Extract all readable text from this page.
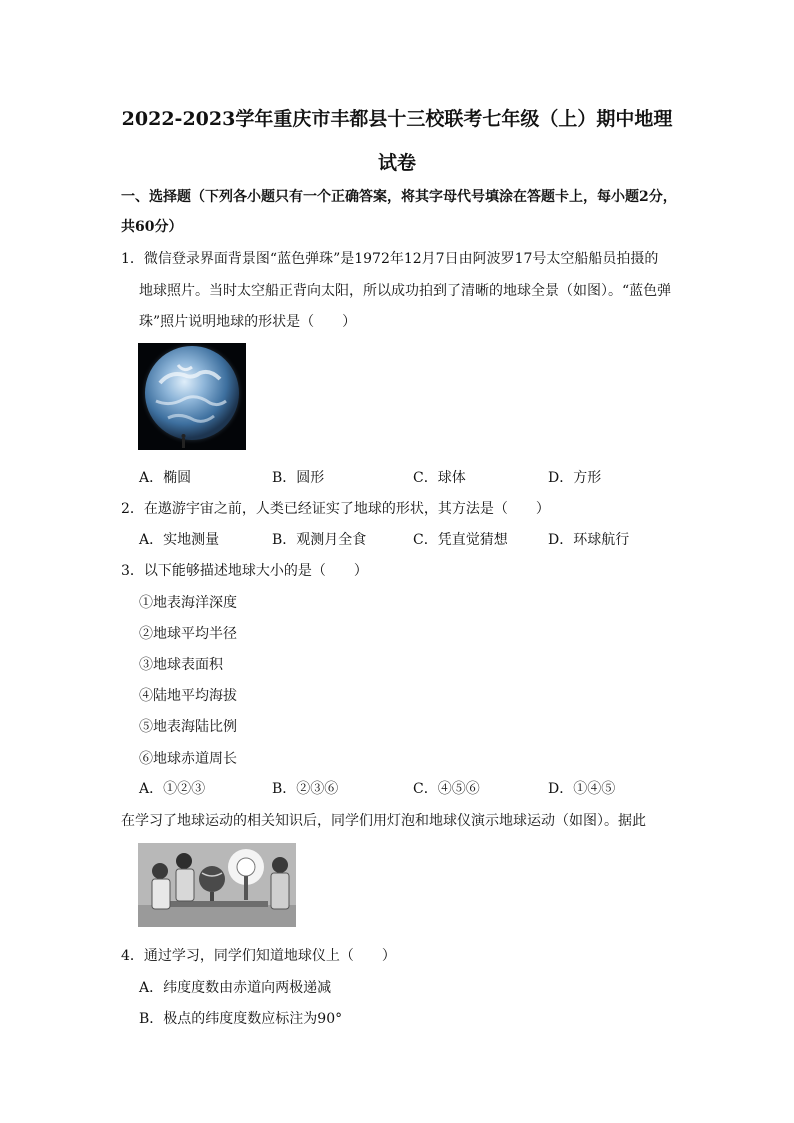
2022-2023学年重庆市丰都县十三校联考七年级（上）期中地理
试卷
一、选择题（下列各小题只有一个正确答案，将其字母代号填涂在答题卡上，每小题2分，
共60分）
1．微信登录界面背景图“蓝色弹珠”是1972年12月7日由阿波罗17号太空船船员拍摄的
地球照片。当时太空船正背向太阳，所以成功拍到了清晰的地球全景（如图）。“蓝色弹
珠”照片说明地球的形状是（　　）
A．椭圆	B．圆形	C．球体	D．方形
2．在遨游宇宙之前，人类已经证实了地球的形状，其方法是（　　）
A．实地测量	B．观测月全食	C．凭直觉猜想	D．环球航行
3．以下能够描述地球大小的是（　　）
①地表海洋深度
②地球平均半径
③地球表面积
④陆地平均海拔
⑤地表海陆比例
⑥地球赤道周长
A．①②③	B．②③⑥	C．④⑤⑥	D．①④⑤
在学习了地球运动的相关知识后，同学们用灯泡和地球仪演示地球运动（如图）。据此
4．通过学习，同学们知道地球仪上（　　）
A．纬度度数由赤道向两极递减
B．极点的纬度度数应标注为90°
